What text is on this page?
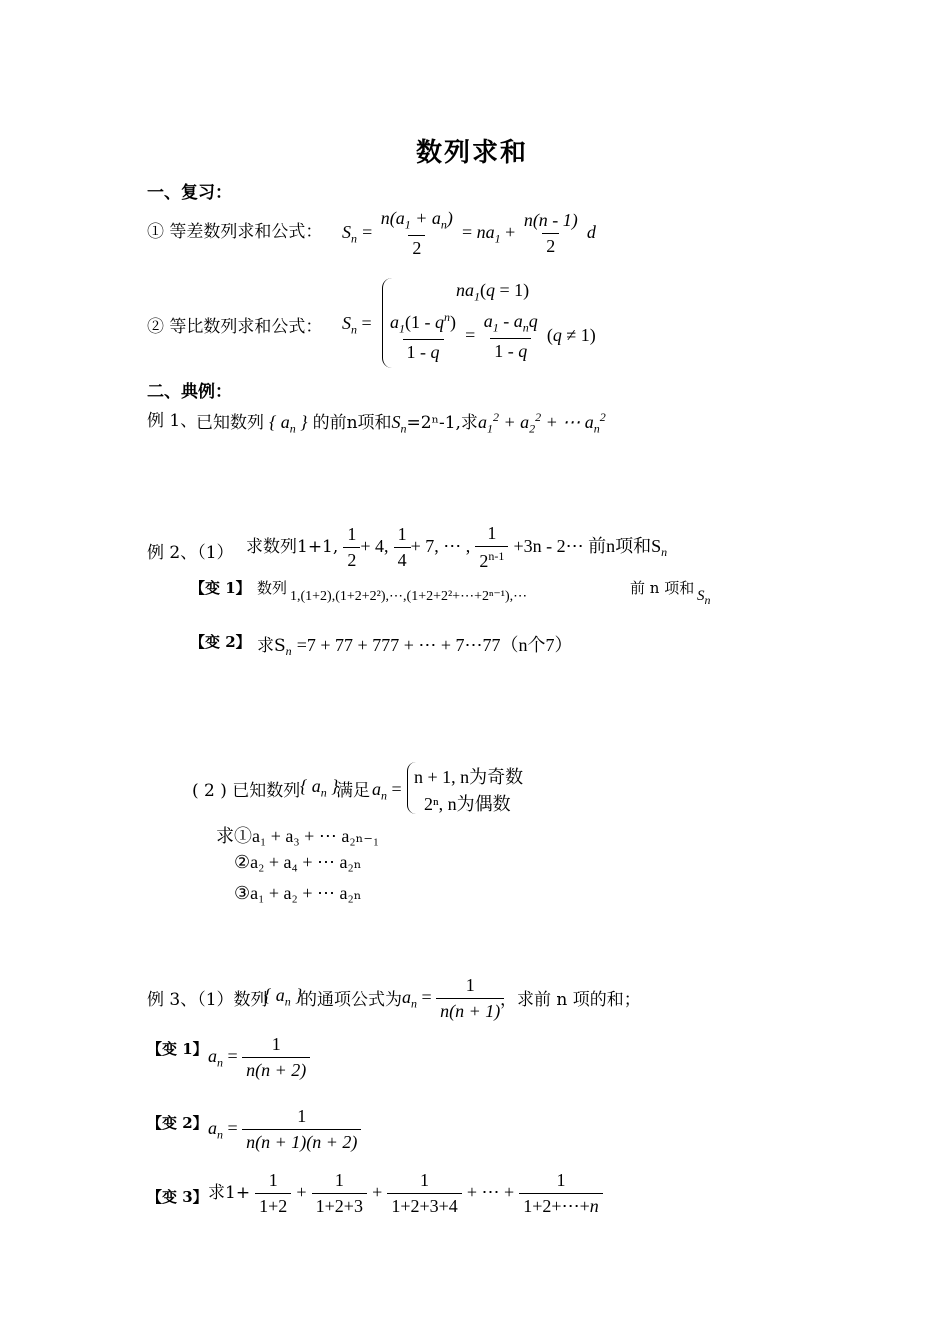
数列求和
一、复习：
① 等差数列求和公式： $S_n = \frac{n(a_1 + a_n)}{2} = na_1 + \frac{n(n - 1)}{2}$ d
② 等比数列求和公式： $S_n$ =
$na_1(q = 1)$
$\frac{a_1(1 - q^n)}{1 - q} = \frac{a_1 - a_nq}{1 - q} (q \ne 1)$
二、典例：
例 1、
已知数列 { $a_n$ } 的前n项和$S_n=2^n-1$,求$a_1^2 + a_2^2$ + ⋯ $a_n^2$
例 2、（1） 求数列1+1, $\frac{1}{2} + 4$, $\frac{1}{4} + 7$, ⋯ , $\frac{1}{2^{n-1}} +3n$ - 2⋯ 前n项和$S_n$
【变 1】 数列 1,(1+2),(1+2+2²),⋯,(1+2+2²+⋯+2ⁿ⁻¹),⋯	前 n 项和 $S_n$
【变 2】 求$S_n =7 + 77 + 777$ + ⋯ + 7⋯77（n个7）
( 2 ) 已知数列 { $a_n$ }
满足 $a_n$ =
n + 1, n为奇数
2ⁿ, n为偶数
求①a₁ + a₃ + ⋯ a₂ₙ₋₁
②a₂ + a₄ + ⋯ a₂ₙ
③a₁ + a₂ + ⋯ a₂ₙ
例 3、（1）数列
{ $a_n$ }
的通项公式为 $a_n = \frac{1}{n(n + 1)}$
，求前 n 项的和；
【变 1】 $a_n = \frac{1}{n(n + 2)}$
【变 2】 $a_n = \frac{1}{n(n + 1)(n + 2)}$
【变 3】 求$1+ \frac{1}{1+2} + \frac{1}{1+2+3} + \frac{1}{1+2+3+4}$ + ⋯ + $\frac{1}{1+2+\cdots+n}$
